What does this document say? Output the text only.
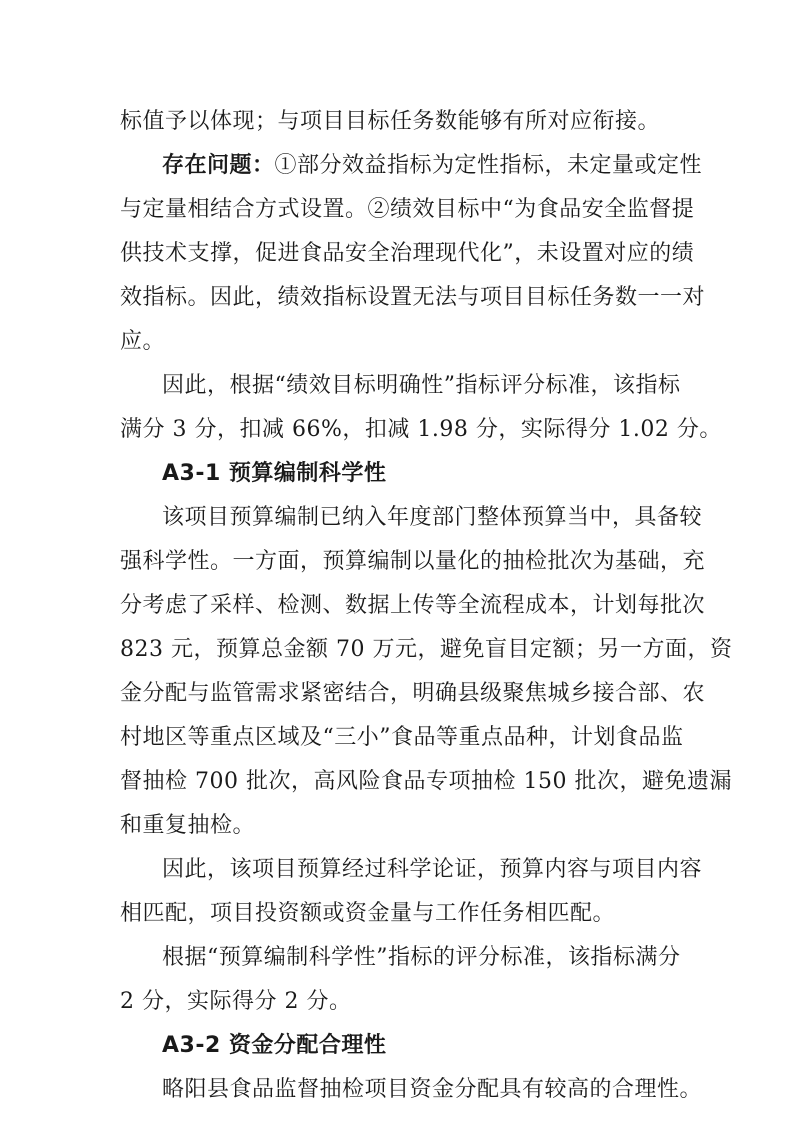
标值予以体现；与项目目标任务数能够有所对应衔接。
存在问题：①部分效益指标为定性指标，未定量或定性
与定量相结合方式设置。②绩效目标中“为食品安全监督提
供技术支撑，促进食品安全治理现代化”，未设置对应的绩
效指标。因此，绩效指标设置无法与项目目标任务数一一对
应。
因此，根据“绩效目标明确性”指标评分标准，该指标
满分 3 分，扣减 66%，扣减 1.98 分，实际得分 1.02 分。
A3-1 预算编制科学性
该项目预算编制已纳入年度部门整体预算当中，具备较
强科学性。一方面，预算编制以量化的抽检批次为基础，充
分考虑了采样、检测、数据上传等全流程成本，计划每批次
823 元，预算总金额 70 万元，避免盲目定额；另一方面，资
金分配与监管需求紧密结合，明确县级聚焦城乡接合部、农
村地区等重点区域及“三小”食品等重点品种，计划食品监
督抽检 700 批次，高风险食品专项抽检 150 批次，避免遗漏
和重复抽检。
因此，该项目预算经过科学论证，预算内容与项目内容
相匹配，项目投资额或资金量与工作任务相匹配。
根据“预算编制科学性”指标的评分标准，该指标满分
2 分，实际得分 2 分。
A3-2 资金分配合理性
略阳县食品监督抽检项目资金分配具有较高的合理性。
